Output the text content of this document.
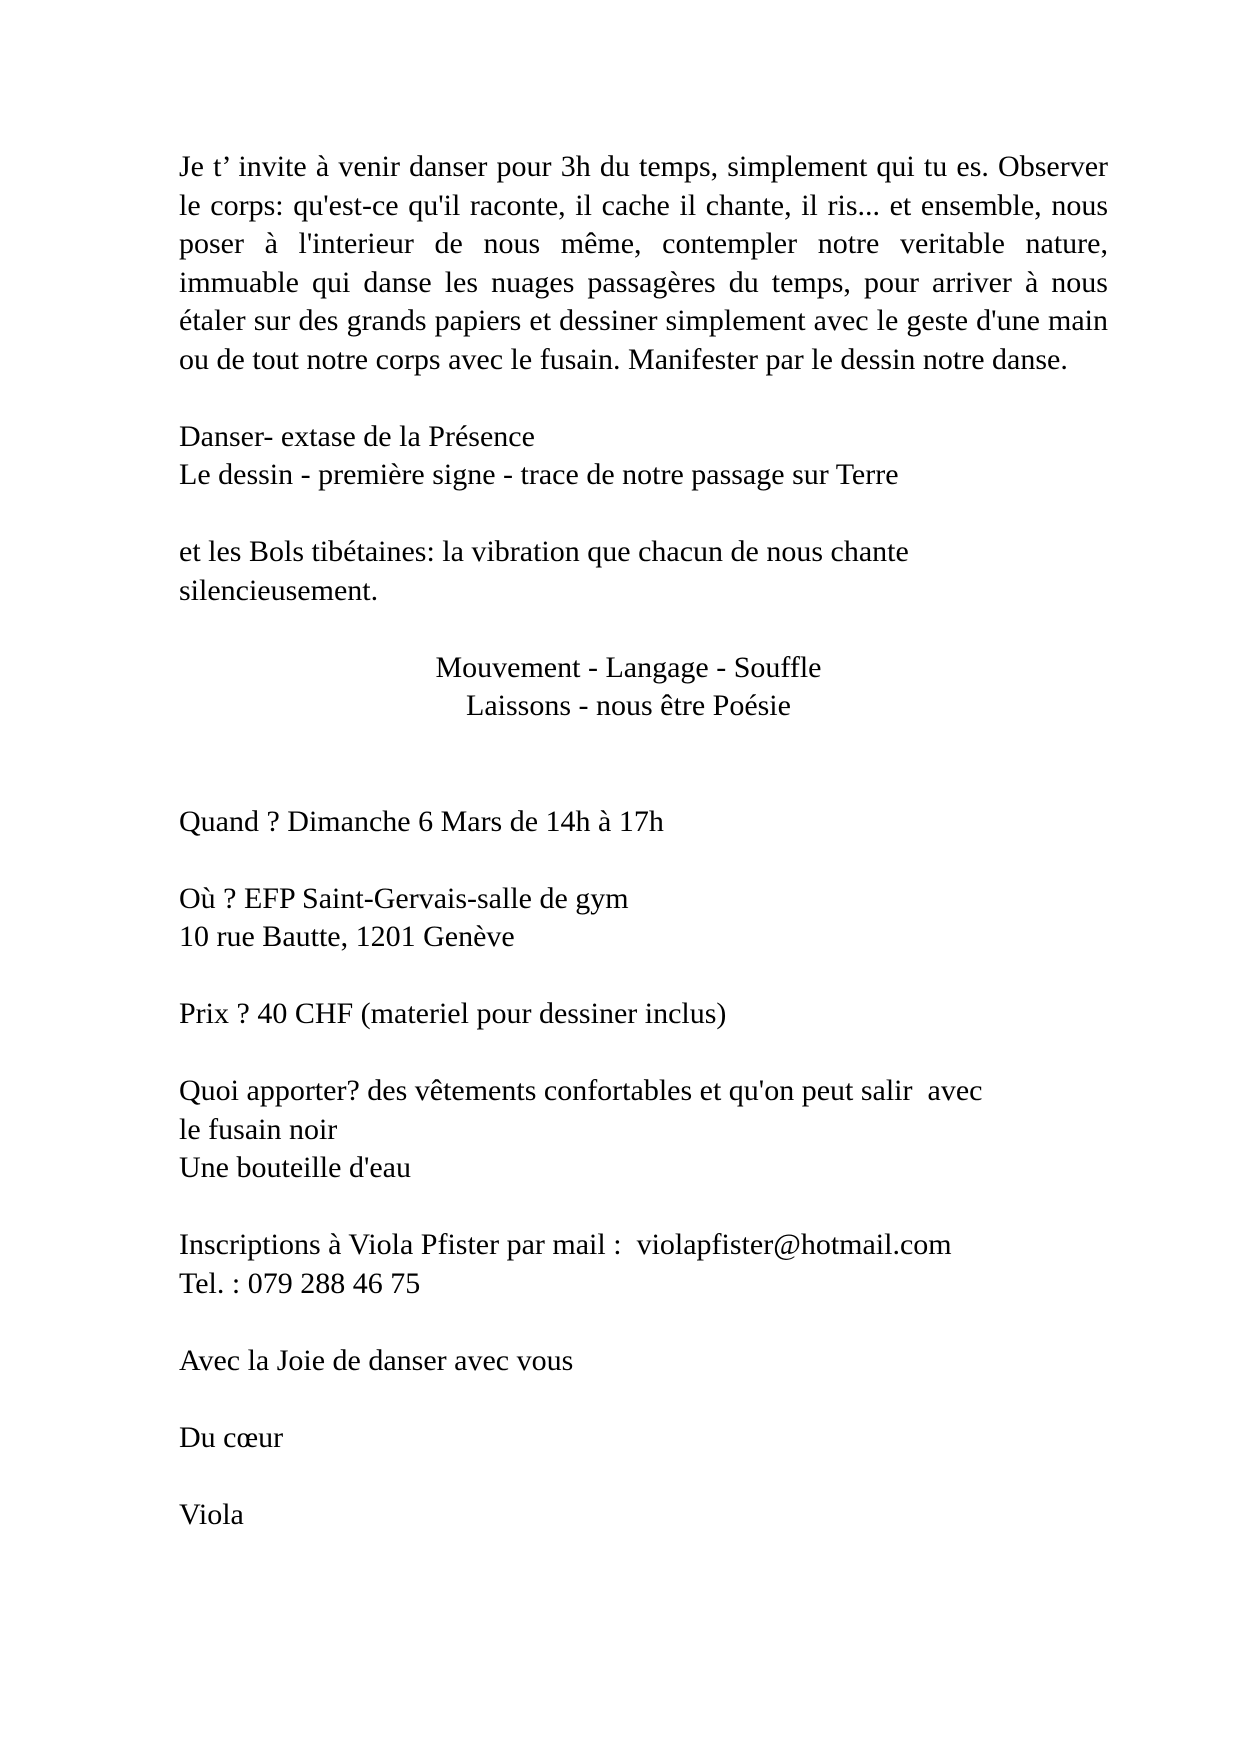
Je t’ invite à venir danser pour 3h du temps, simplement qui tu es. Observer le corps: qu'est-ce qu'il raconte, il cache il chante, il ris... et ensemble, nous poser à l'interieur de nous même, contempler notre veritable nature, immuable qui danse les nuages passagères du temps, pour arriver à nous étaler sur des grands papiers et dessiner simplement avec le geste d'une main ou de tout notre corps avec le fusain. Manifester par le dessin notre danse.

Danser- extase de la Présence
Le dessin - première signe - trace de notre passage sur Terre
et les Bols tibétaines: la vibration que chacun de nous chante
silencieusement.
Mouvement - Langage - Souffle
Laissons - nous être Poésie
Quand ? Dimanche 6 Mars de 14h à 17h
Où ? EFP Saint-Gervais-salle de gym
10 rue Bautte, 1201 Genève
Prix ? 40 CHF (materiel pour dessiner inclus)
Quoi apporter? des vêtements confortables et qu'on peut salir  avec
le fusain noir
Une bouteille d'eau
Inscriptions à Viola Pfister par mail :  violapfister@hotmail.com
Tel. : 079 288 46 75
Avec la Joie de danser avec vous
Du cœur
Viola
